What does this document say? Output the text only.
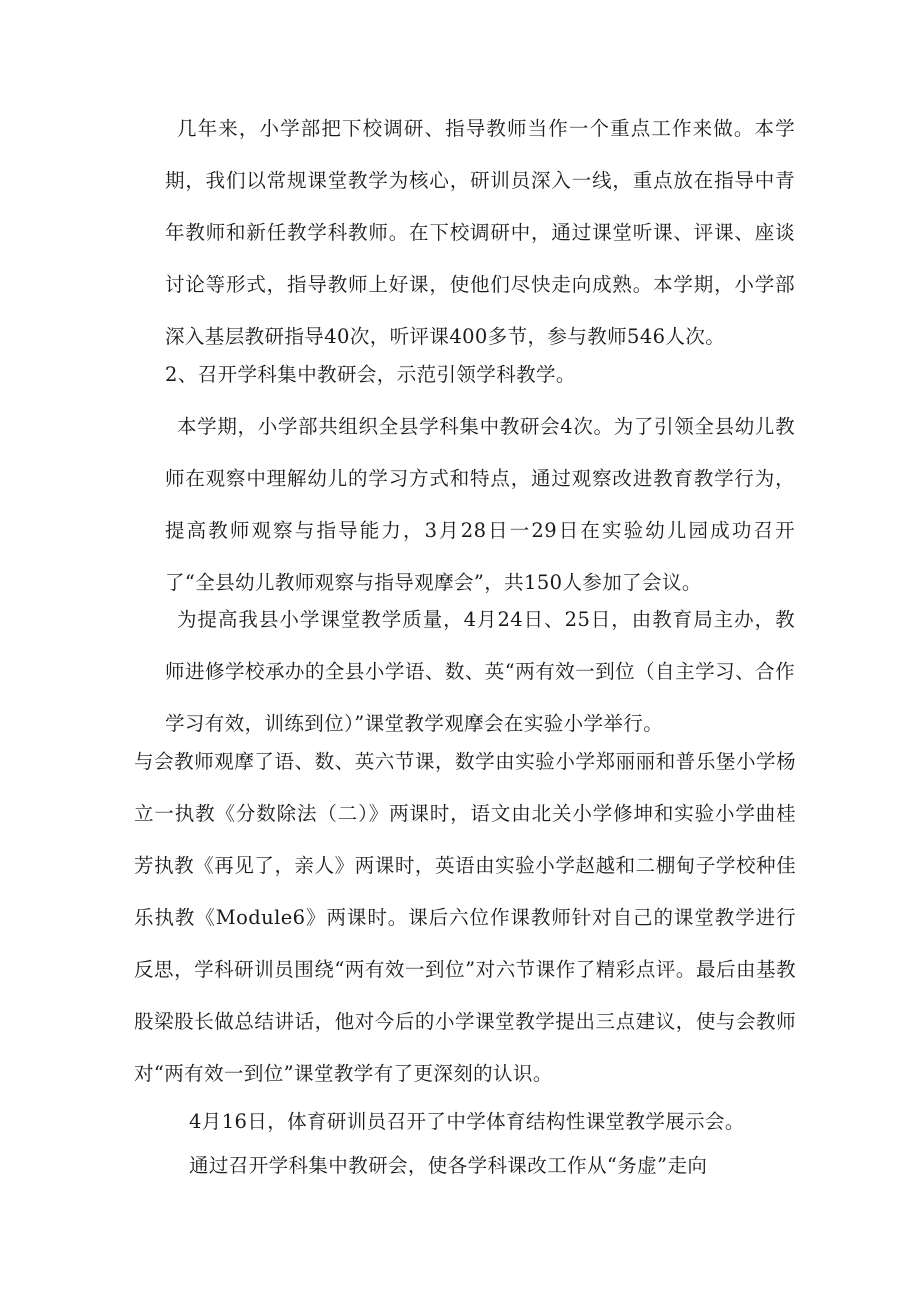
几年来，小学部把下校调研、指导教师当作一个重点工作来做。本学期，我们以常规课堂教学为核心，研训员深入一线，重点放在指导中青年教师和新任教学科教师。在下校调研中，通过课堂听课、评课、座谈讨论等形式，指导教师上好课，使他们尽快走向成熟。本学期，小学部深入基层教研指导40次，听评课400多节，参与教师546人次。

2、召开学科集中教研会，示范引领学科教学。

本学期，小学部共组织全县学科集中教研会4次。为了引领全县幼儿教师在观察中理解幼儿的学习方式和特点，通过观察改进教育教学行为，提高教师观察与指导能力，3月28日一29日在实验幼儿园成功召开了“全县幼儿教师观察与指导观摩会”，共150人参加了会议。

为提高我县小学课堂教学质量，4月24日、25日，由教育局主办，教师进修学校承办的全县小学语、数、英“两有效一到位（自主学习、合作学习有效，训练到位）”课堂教学观摩会在实验小学举行。

与会教师观摩了语、数、英六节课，数学由实验小学郑丽丽和普乐堡小学杨立一执教《分数除法（二）》两课时，语文由北关小学修坤和实验小学曲桂芳执教《再见了，亲人》两课时，英语由实验小学赵越和二棚甸子学校种佳乐执教《Module6》两课时。课后六位作课教师针对自己的课堂教学进行反思，学科研训员围绕“两有效一到位”对六节课作了精彩点评。最后由基教股梁股长做总结讲话，他对今后的小学课堂教学提出三点建议，使与会教师对“两有效一到位”课堂教学有了更深刻的认识。

4月16日，体育研训员召开了中学体育结构性课堂教学展示会。

通过召开学科集中教研会，使各学科课改工作从“务虚”走向
